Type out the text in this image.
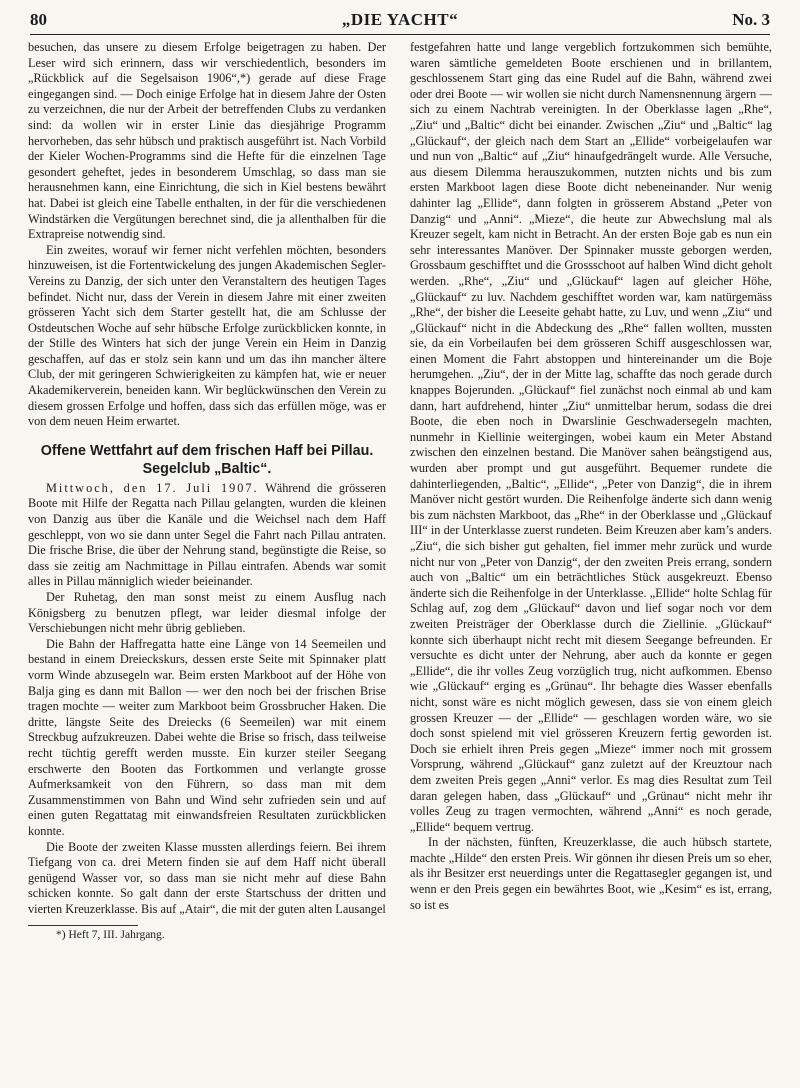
80	„DIE YACHT“	No. 3

besuchen, das unsere zu diesem Erfolge beigetragen zu haben. Der Leser wird sich erinnern, dass wir verschiedentlich, besonders im „Rückblick auf die Segelsaison 1906“,*) gerade auf diese Frage eingegangen sind. — Doch einige Erfolge hat in diesem Jahre der Osten zu verzeichnen, die nur der Arbeit der betreffenden Clubs zu verdanken sind: da wollen wir in erster Linie das diesjährige Programm hervorheben, das sehr hübsch und praktisch ausgeführt ist. Nach Vorbild der Kieler Wochen-Programms sind die Hefte für die einzelnen Tage gesondert geheftet, jedes in besonderem Umschlag, so dass man sie herausnehmen kann, eine Einrichtung, die sich in Kiel bestens bewährt hat. Dabei ist gleich eine Tabelle enthalten, in der für die verschiedenen Windstärken die Vergütungen berechnet sind, die ja allenthalben für die Extrapreise notwendig sind.

Ein zweites, worauf wir ferner nicht verfehlen möchten, besonders hinzuweisen, ist die Fortentwickelung des jungen Akademischen Segler-Vereins zu Danzig, der sich unter den Veranstaltern des heutigen Tages befindet. Nicht nur, dass der Verein in diesem Jahre mit einer zweiten grösseren Yacht sich dem Starter gestellt hat, die am Schlusse der Ostdeutschen Woche auf sehr hübsche Erfolge zurückblicken konnte, in der Stille des Winters hat sich der junge Verein ein Heim in Danzig geschaffen, auf das er stolz sein kann und um das ihn mancher ältere Club, der mit geringeren Schwierigkeiten zu kämpfen hat, wie er neuer Akademikerverein, beneiden kann. Wir beglückwünschen den Verein zu diesem grossen Erfolge und hoffen, dass sich das erfüllen möge, was er von dem neuen Heim erwartet.

Offene Wettfahrt auf dem frischen Haff bei Pillau. Segelclub „Baltic“.

Mittwoch, den 17. Juli 1907. Während die grösseren Boote mit Hilfe der Regatta nach Pillau gelangten, wurden die kleinen von Danzig aus über die Kanäle und die Weichsel nach dem Haff geschleppt, von wo sie dann unter Segel die Fahrt nach Pillau antraten. Die frische Brise, die über der Nehrung stand, begünstigte die Reise, so dass sie zeitig am Nachmittage in Pillau eintrafen. Abends war somit alles in Pillau männiglich wieder beieinander.

Der Ruhetag, den man sonst meist zu einem Ausflug nach Königsberg zu benutzen pflegt, war leider diesmal infolge der Verschiebungen nicht mehr übrig geblieben.

Die Bahn der Haffregatta hatte eine Länge von 14 Seemeilen und bestand in einem Dreieckskurs, dessen erste Seite mit Spinnaker platt vorm Winde abzusegeln war. Beim ersten Markboot auf der Höhe von Balja ging es dann mit Ballon — wer den noch bei der frischen Brise tragen mochte — weiter zum Markboot beim Grossbrucher Haken. Die dritte, längste Seite des Dreiecks (6 Seemeilen) war mit einem Streckbug aufzukreuzen. Dabei wehte die Brise so frisch, dass teilweise recht tüchtig gerefft werden musste. Ein kurzer steiler Seegang erschwerte den Booten das Fortkommen und verlangte grosse Aufmerksamkeit von den Führern, so dass man mit dem Zusammenstimmen von Bahn und Wind sehr zufrieden sein und auf einen guten Regattatag mit einwandsfreien Resultaten zurückblicken konnte.

Die Boote der zweiten Klasse mussten allerdings feiern. Bei ihrem Tiefgang von ca. drei Metern finden sie auf dem Haff nicht überall genügend Wasser vor, so dass man sie nicht mehr auf diese Bahn schicken konnte. So galt dann der erste Startschuss der dritten und vierten Kreuzerklasse. Bis auf „Atair“, die mit der guten alten Lausangel

*) Heft 7, III. Jahrgang.

festgefahren hatte und lange vergeblich fortzukommen sich bemühte, waren sämtliche gemeldeten Boote erschienen und in brillantem, geschlossenem Start ging das eine Rudel auf die Bahn, während zwei oder drei Boote — wir wollen sie nicht durch Namensnennung ärgern — sich zu einem Nachtrab vereinigten. In der Oberklasse lagen „Rhe“, „Ziu“ und „Baltic“ dicht bei einander. Zwischen „Ziu“ und „Baltic“ lag „Glückauf“, der gleich nach dem Start an „Ellide“ vorbeigelaufen war und nun von „Baltic“ auf „Ziu“ hinaufgedrängelt wurde. Alle Versuche, aus diesem Dilemma herauszukommen, nutzten nichts und bis zum ersten Markboot lagen diese Boote dicht nebeneinander. Nur wenig dahinter lag „Ellide“, dann folgten in grösserem Abstand „Peter von Danzig“ und „Anni“. „Mieze“, die heute zur Abwechslung mal als Kreuzer segelt, kam nicht in Betracht. An der ersten Boje gab es nun ein sehr interessantes Manöver. Der Spinnaker musste geborgen werden, Grossbaum geschifftet und die Grossschoot auf halben Wind dicht geholt werden. „Rhe“, „Ziu“ und „Glückauf“ lagen auf gleicher Höhe, „Glückauf“ zu luv. Nachdem geschifftet worden war, kam natürgemäss „Rhe“, der bisher die Leeseite gehabt hatte, zu Luv, und wenn „Ziu“ und „Glückauf“ nicht in die Abdeckung des „Rhe“ fallen wollten, mussten sie, da ein Vorbeilaufen bei dem grösseren Schiff ausgeschlossen war, einen Moment die Fahrt abstoppen und hintereinander um die Boje herumgehen. „Ziu“, der in der Mitte lag, schaffte das noch gerade durch knappes Bojerunden. „Glückauf“ fiel zunächst noch einmal ab und kam dann, hart aufdrehend, hinter „Ziu“ unmittelbar herum, sodass die drei Boote, die eben noch in Dwarslinie Geschwadersegeln machten, nunmehr in Kiellinie weitergingen, wobei kaum ein Meter Abstand zwischen den einzelnen bestand. Die Manöver sahen beängstigend aus, wurden aber prompt und gut ausgeführt. Bequemer rundete die dahinterliegenden, „Baltic“, „Ellide“, „Peter von Danzig“, die in ihrem Manöver nicht gestört wurden. Die Reihenfolge änderte sich dann wenig bis zum nächsten Markboot, das „Rhe“ in der Oberklasse und „Glückauf III“ in der Unterklasse zuerst rundeten. Beim Kreuzen aber kam’s anders. „Ziu“, die sich bisher gut gehalten, fiel immer mehr zurück und wurde nicht nur von „Peter von Danzig“, der den zweiten Preis errang, sondern auch von „Baltic“ um ein beträchtliches Stück ausgekreuzt. Ebenso änderte sich die Reihenfolge in der Unterklasse. „Ellide“ holte Schlag für Schlag auf, zog dem „Glückauf“ davon und lief sogar noch vor dem zweiten Preisträger der Oberklasse durch die Ziellinie. „Glückauf“ konnte sich überhaupt nicht recht mit diesem Seegange befreunden. Er versuchte es dicht unter der Nehrung, aber auch da konnte er gegen „Ellide“, die ihr volles Zeug vorzüglich trug, nicht aufkommen. Ebenso wie „Glückauf“ erging es „Grünau“. Ihr behagte dies Wasser ebenfalls nicht, sonst wäre es nicht möglich gewesen, dass sie von einem gleich grossen Kreuzer — der „Ellide“ — geschlagen worden wäre, wo sie doch sonst spielend mit viel grösseren Kreuzern fertig geworden ist. Doch sie erhielt ihren Preis gegen „Mieze“ immer noch mit grossem Vorsprung, während „Glückauf“ ganz zuletzt auf der Kreuztour nach dem zweiten Preis gegen „Anni“ verlor. Es mag dies Resultat zum Teil daran gelegen haben, dass „Glückauf“ und „Grünau“ nicht mehr ihr volles Zeug zu tragen vermochten, während „Anni“ es noch gerade, „Ellide“ bequem vertrug.

In der nächsten, fünften, Kreuzerklasse, die auch hübsch startete, machte „Hilde“ den ersten Preis. Wir gönnen ihr diesen Preis um so eher, als ihr Besitzer erst neuerdings unter die Regattasegler gegangen ist, und wenn er den Preis gegen ein bewährtes Boot, wie „Kesim“ es ist, errang, so ist es
